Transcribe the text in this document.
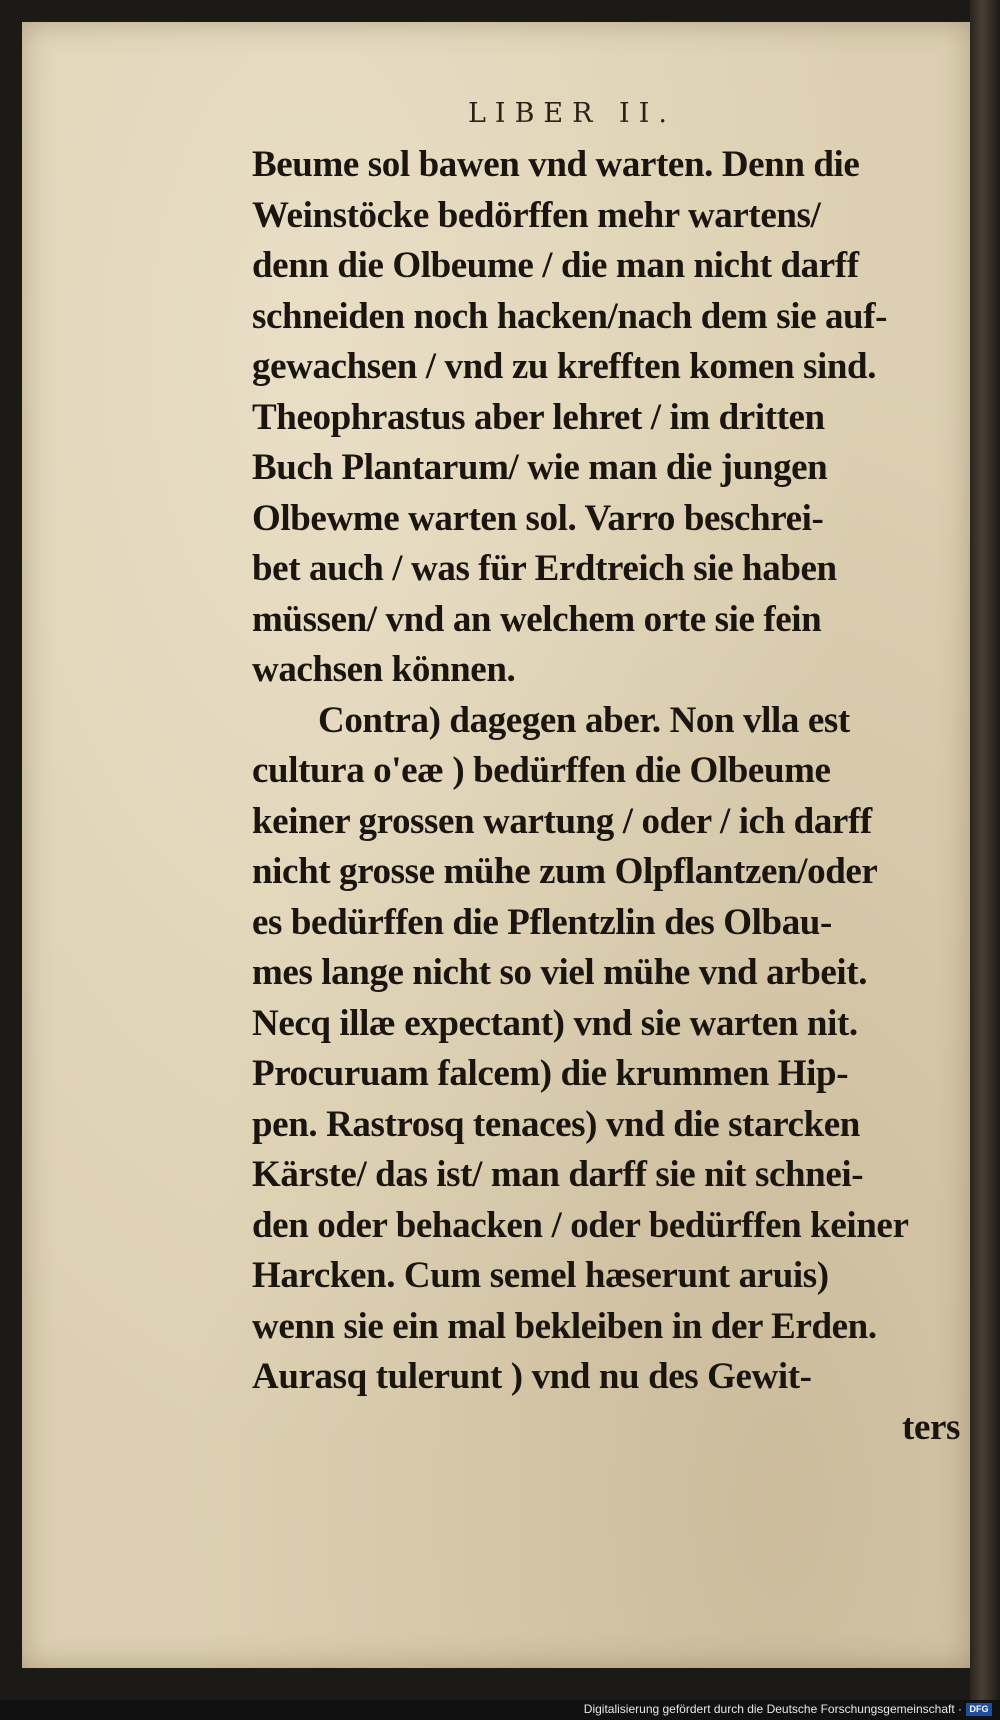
LIBER II.
Beume sol bawen vnd warten. Denn die
Weinstöcke bedörffen mehr wartens/
denn die Olbeume / die man nicht darff
schneiden noch hacken/nach dem sie auf-
gewachsen / vnd zu krefften komen sind.
Theophrastus aber lehret / im dritten
Buch Plantarum/ wie man die jungen
Olbewme warten sol. Varro beschrei-
bet auch / was für Erdtreich sie haben
müssen/ vnd an welchem orte sie fein
wachsen können.
Contra) dagegen aber. Non vlla est
cultura o'eæ ) bedürffen die Olbeume
keiner grossen wartung / oder / ich darff
nicht grosse mühe zum Olpflantzen/oder
es bedürffen die Pflentzlin des Olbau-
mes lange nicht so viel mühe vnd arbeit.
Necq illæ expectant) vnd sie warten nit.
Procuruam falcem) die krummen Hip-
pen. Rastrosq tenaces) vnd die starcken
Kärste/ das ist/ man darff sie nit schnei-
den oder behacken / oder bedürffen keiner
Harcken. Cum semel hæserunt aruis)
wenn sie ein mal bekleiben in der Erden.
Aurasq tulerunt ) vnd nu des Gewit-
ters
Digitalisierung gefördert durch die Deutsche Forschungsgemeinschaft · DFG
